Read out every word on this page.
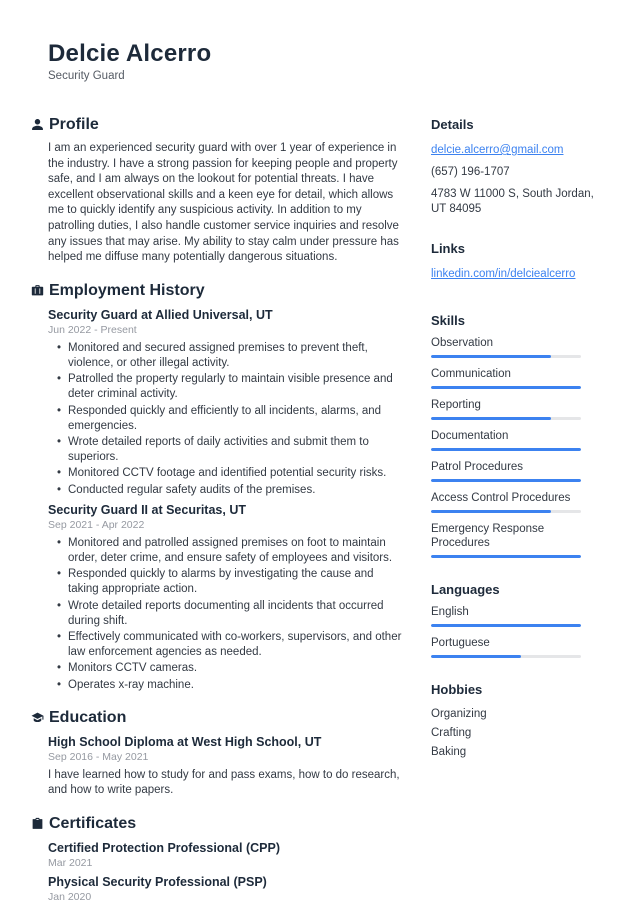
Delcie Alcerro
Security Guard
Profile

I am an experienced security guard with over 1 year of experience in the industry. I have a strong passion for keeping people and property safe, and I am always on the lookout for potential threats. I have excellent observational skills and a keen eye for detail, which allows me to quickly identify any suspicious activity. In addition to my patrolling duties, I also handle customer service inquiries and resolve any issues that may arise. My ability to stay calm under pressure has helped me diffuse many potentially dangerous situations.

Employment History
Security Guard at Allied Universal, UT
Jun 2022 - Present
• Monitored and secured assigned premises to prevent theft, violence, or other illegal activity.
• Patrolled the property regularly to maintain visible presence and deter criminal activity.
• Responded quickly and efficiently to all incidents, alarms, and emergencies.
• Wrote detailed reports of daily activities and submit them to superiors.
• Monitored CCTV footage and identified potential security risks.
• Conducted regular safety audits of the premises.
Security Guard II at Securitas, UT
Sep 2021 - Apr 2022
• Monitored and patrolled assigned premises on foot to maintain order, deter crime, and ensure safety of employees and visitors.
• Responded quickly to alarms by investigating the cause and taking appropriate action.
• Wrote detailed reports documenting all incidents that occurred during shift.
• Effectively communicated with co-workers, supervisors, and other law enforcement agencies as needed.
• Monitors CCTV cameras.
• Operates x-ray machine.
Education
High School Diploma at West High School, UT
Sep 2016 - May 2021

I have learned how to study for and pass exams, how to do research, and how to write papers.

Certificates
Certified Protection Professional (CPP)
Mar 2021
Physical Security Professional (PSP)
Jan 2020
Details
delcie.alcerro@gmail.com
(657) 196-1707
4783 W 11000 S, South Jordan, UT 84095
Links
linkedin.com/in/delciealcerro
Skills
Observation
Communication
Reporting
Documentation
Patrol Procedures
Access Control Procedures
Emergency Response Procedures
Languages
English
Portuguese
Hobbies
Organizing
Crafting
Baking
